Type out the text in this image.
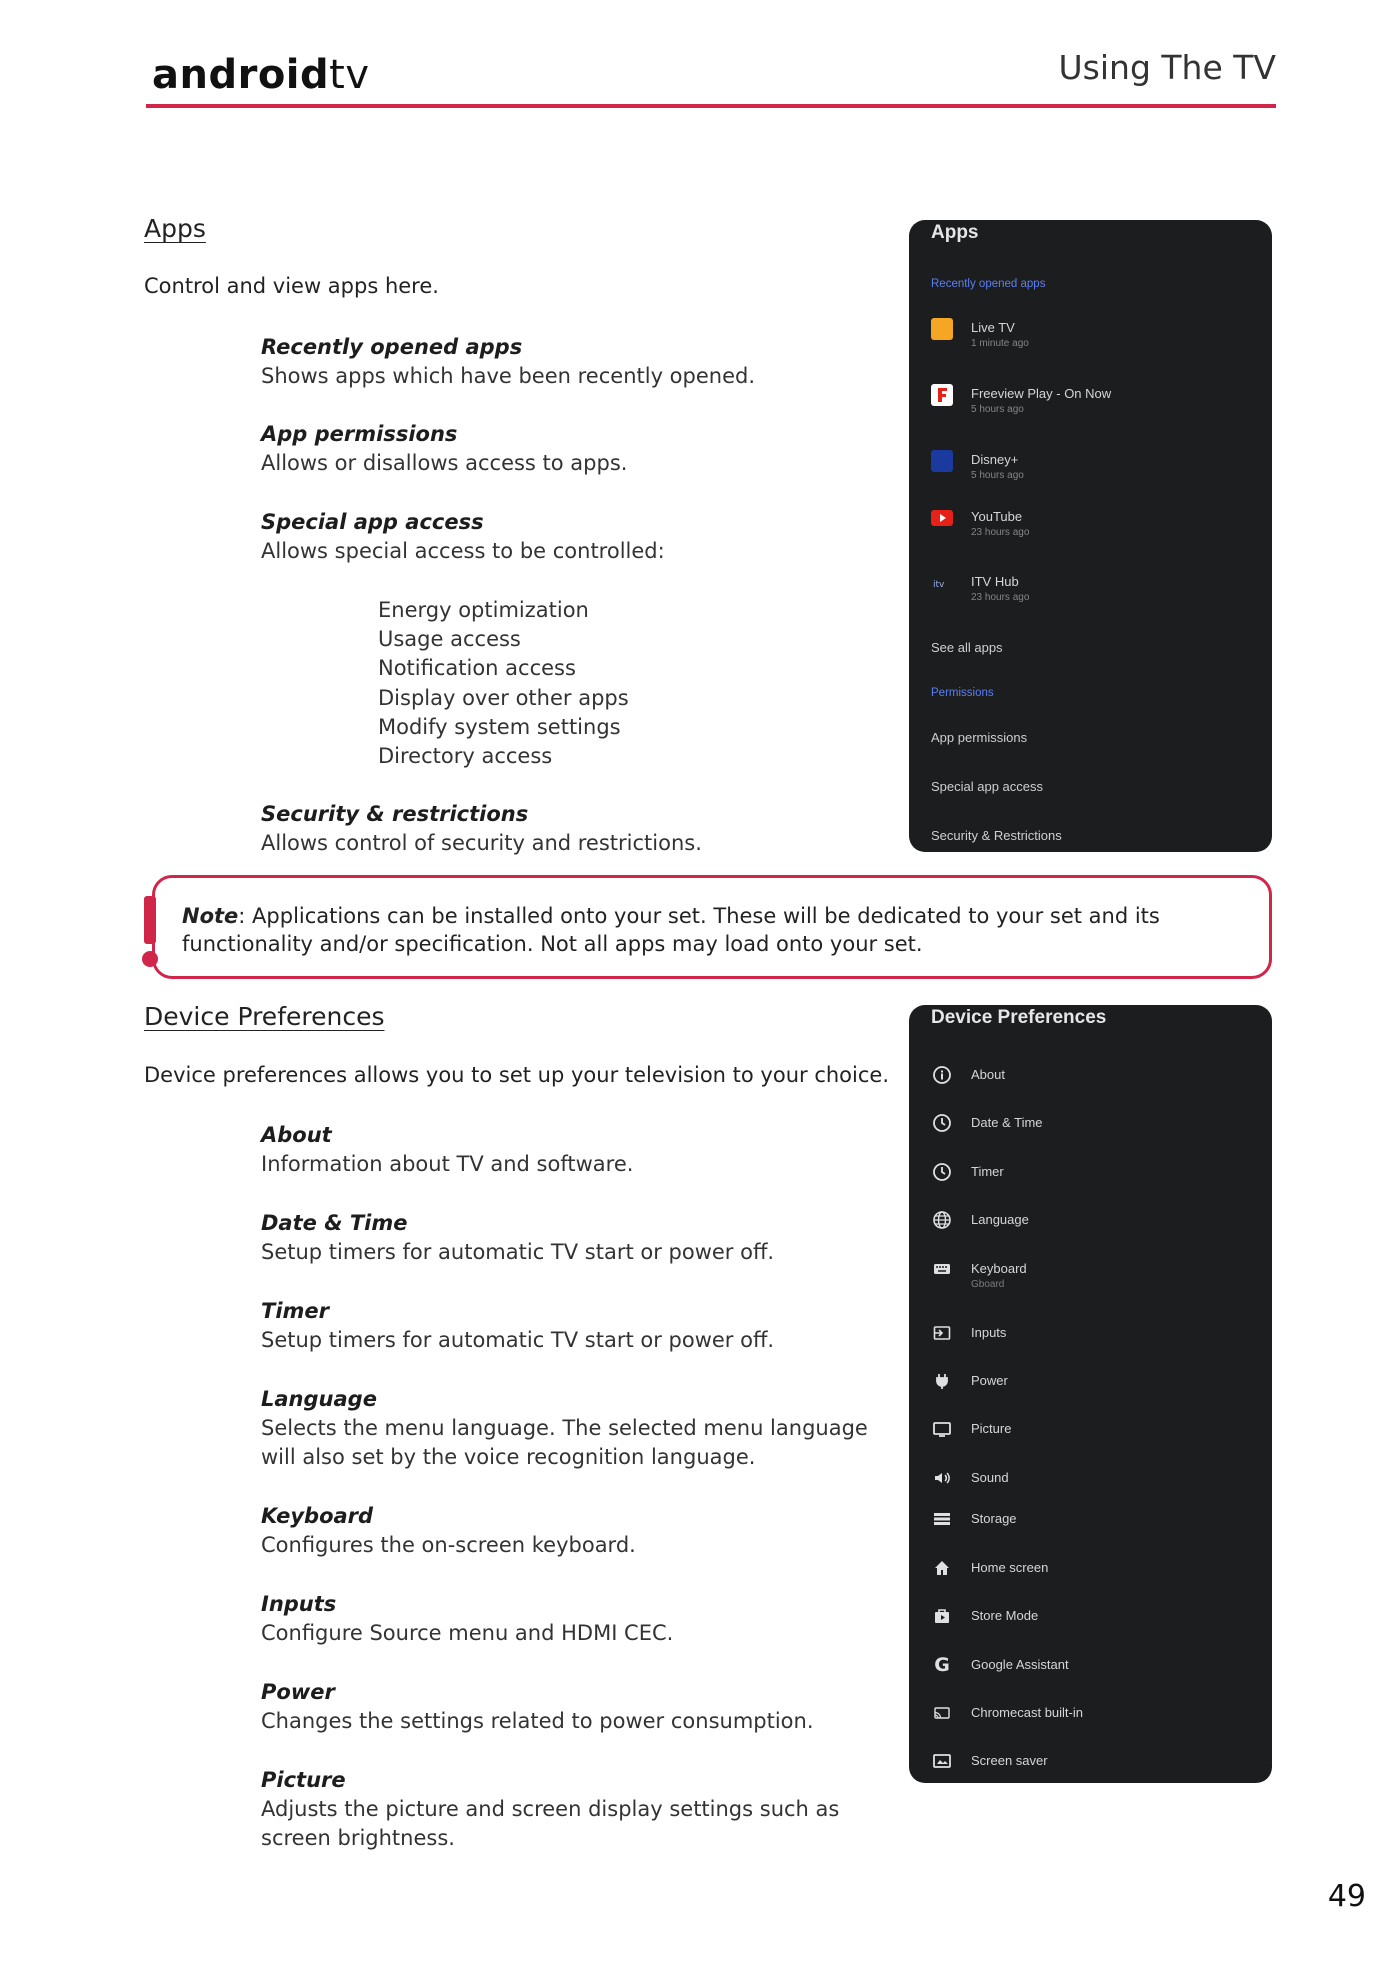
androidtv	Using The TV
Apps
Control and view apps here.
Recently opened apps
Shows apps which have been recently opened.
App permissions
Allows or disallows access to apps.
Special app access
Allows special access to be controlled:
Energy optimization
Usage access
Notification access
Display over other apps
Modify system settings
Directory access
Security & restrictions
Allows control of security and restrictions.
Apps
Recently opened apps
Live TV
1 minute ago
Freeview Play - On Now
5 hours ago
Disney+
5 hours ago
YouTube
23 hours ago
itv ITV Hub
23 hours ago
See all apps
Permissions
App permissions
Special app access
Security & Restrictions
Note: Applications can be installed onto your set. These will be dedicated to your set and its functionality and/or specification. Not all apps may load onto your set.
Device Preferences
Device preferences allows you to set up your television to your choice.
About
Information about TV and software.
Date & Time
Setup timers for automatic TV start or power off.
Timer
Setup timers for automatic TV start or power off.
Language
Selects the menu language. The selected menu language will also set by the voice recognition language.
Keyboard
Configures the on-screen keyboard.
Inputs
Configure Source menu and HDMI CEC.
Power
Changes the settings related to power consumption.
Picture
Adjusts the picture and screen display settings such as screen brightness.
Device Preferences
About
Date & Time
Timer
Language
Keyboard
Gboard
Inputs
Power
Picture
Sound
Storage
Home screen
Store Mode
G Google Assistant
Chromecast built-in
Screen saver
49
